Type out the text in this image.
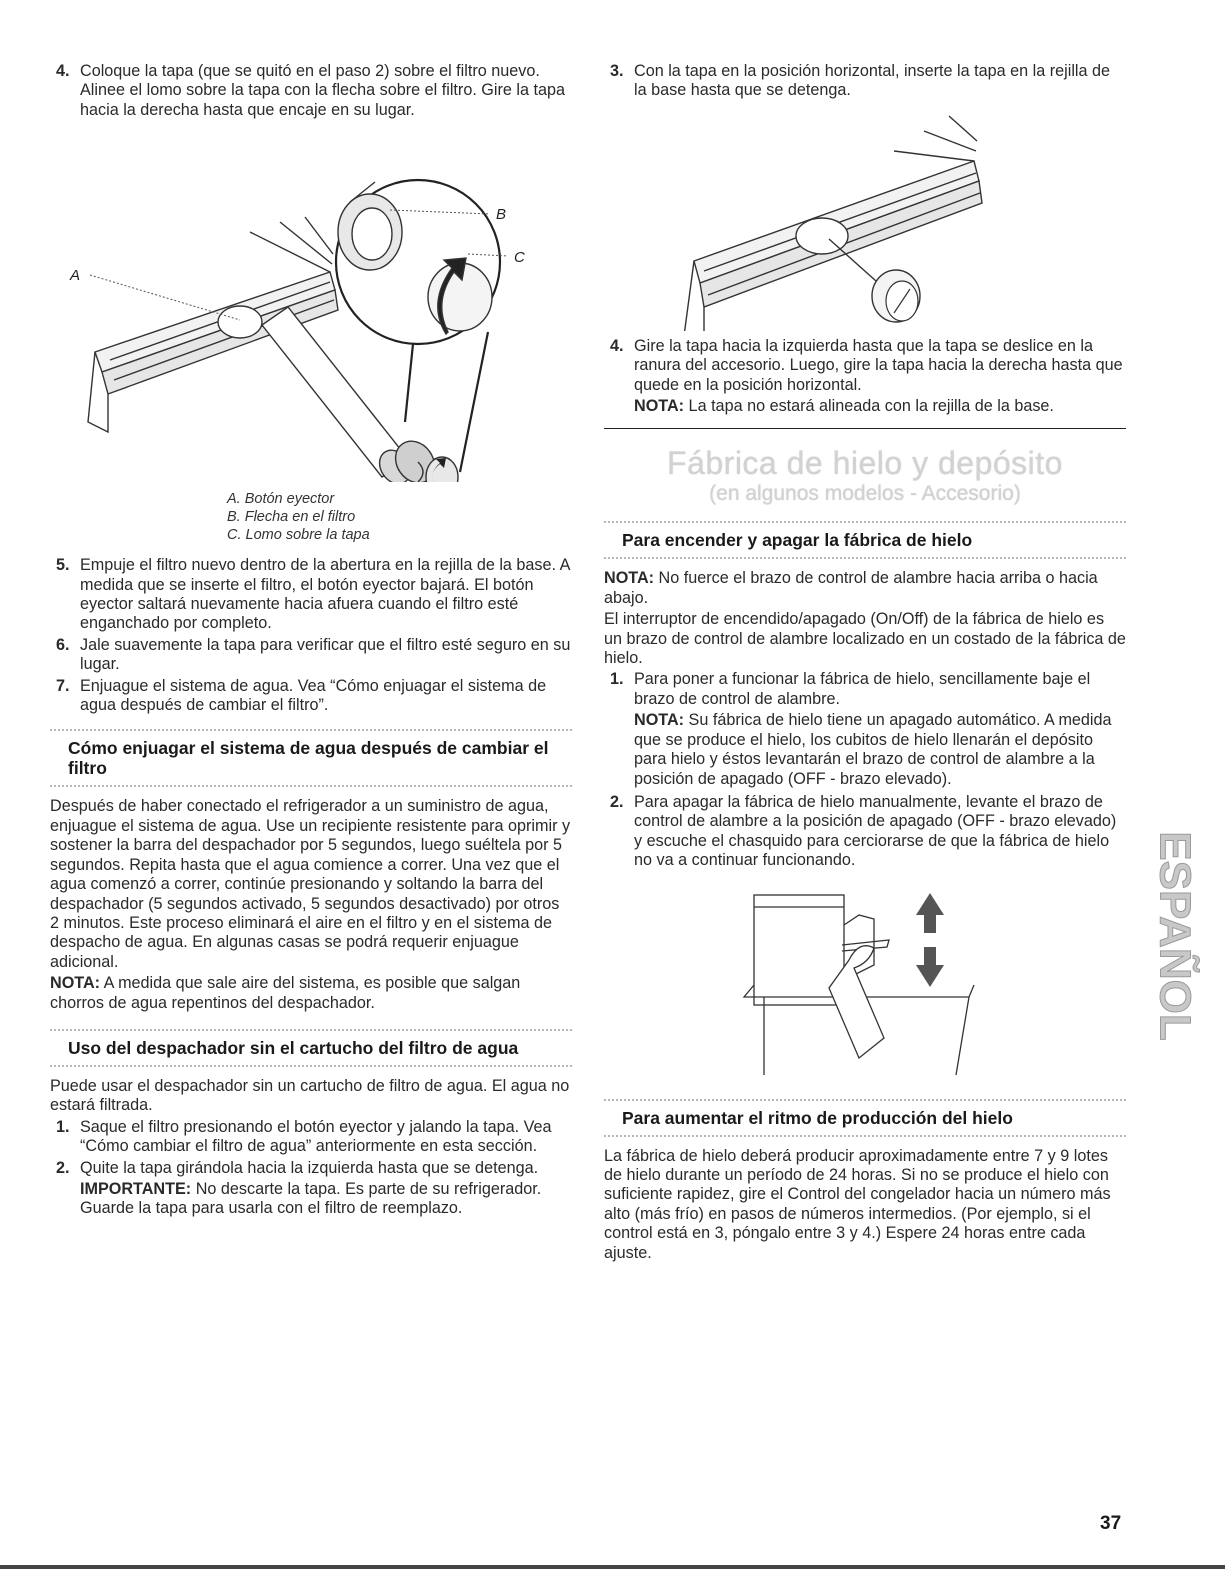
4. Coloque la tapa (que se quitó en el paso 2) sobre el filtro nuevo. Alinee el lomo sobre la tapa con la flecha sobre el filtro. Gire la tapa hacia la derecha hasta que encaje en su lugar.

A
B
C
A. Botón eyector
B. Flecha en el filtro
C. Lomo sobre la tapa

5. Empuje el filtro nuevo dentro de la abertura en la rejilla de la base. A medida que se inserte el filtro, el botón eyector bajará. El botón eyector saltará nuevamente hacia afuera cuando el filtro esté enganchado por completo.

6. Jale suavemente la tapa para verificar que el filtro esté seguro en su lugar.

7. Enjuague el sistema de agua. Vea “Cómo enjuagar el sistema de agua después de cambiar el filtro”.

Cómo enjuagar el sistema de agua después de cambiar el filtro

Después de haber conectado el refrigerador a un suministro de agua, enjuague el sistema de agua. Use un recipiente resistente para oprimir y sostener la barra del despachador por 5 segundos, luego suéltela por 5 segundos. Repita hasta que el agua comience a correr. Una vez que el agua comenzó a correr, continúe presionando y soltando la barra del despachador (5 segundos activado, 5 segundos desactivado) por otros 2 minutos. Este proceso eliminará el aire en el filtro y en el sistema de despacho de agua. En algunas casas se podrá requerir enjuague adicional.

NOTA: A medida que sale aire del sistema, es posible que salgan chorros de agua repentinos del despachador.

Uso del despachador sin el cartucho del filtro de agua

Puede usar el despachador sin un cartucho de filtro de agua. El agua no estará filtrada.

1. Saque el filtro presionando el botón eyector y jalando la tapa. Vea “Cómo cambiar el filtro de agua” anteriormente en esta sección.

2. Quite la tapa girándola hacia la izquierda hasta que se detenga.

IMPORTANTE: No descarte la tapa. Es parte de su refrigerador. Guarde la tapa para usarla con el filtro de reemplazo.

3. Con la tapa en la posición horizontal, inserte la tapa en la rejilla de la base hasta que se detenga.

4. Gire la tapa hacia la izquierda hasta que la tapa se deslice en la ranura del accesorio. Luego, gire la tapa hacia la derecha hasta que quede en la posición horizontal.

NOTA: La tapa no estará alineada con la rejilla de la base.

Fábrica de hielo y depósito
(en algunos modelos - Accesorio)
Para encender y apagar la fábrica de hielo

NOTA: No fuerce el brazo de control de alambre hacia arriba o hacia abajo.

El interruptor de encendido/apagado (On/Off) de la fábrica de hielo es un brazo de control de alambre localizado en un costado de la fábrica de hielo.

1. Para poner a funcionar la fábrica de hielo, sencillamente baje el brazo de control de alambre.

NOTA: Su fábrica de hielo tiene un apagado automático. A medida que se produce el hielo, los cubitos de hielo llenarán el depósito para hielo y éstos levantarán el brazo de control de alambre a la posición de apagado (OFF - brazo elevado).

2. Para apagar la fábrica de hielo manualmente, levante el brazo de control de alambre a la posición de apagado (OFF - brazo elevado) y escuche el chasquido para cerciorarse de que la fábrica de hielo no va a continuar funcionando.

Para aumentar el ritmo de producción del hielo

La fábrica de hielo deberá producir aproximadamente entre 7 y 9 lotes de hielo durante un período de 24 horas. Si no se produce el hielo con suficiente rapidez, gire el Control del congelador hacia un número más alto (más frío) en pasos de números intermedios. (Por ejemplo, si el control está en 3, póngalo entre 3 y 4.) Espere 24 horas entre cada ajuste.

ESPAÑOL
37
